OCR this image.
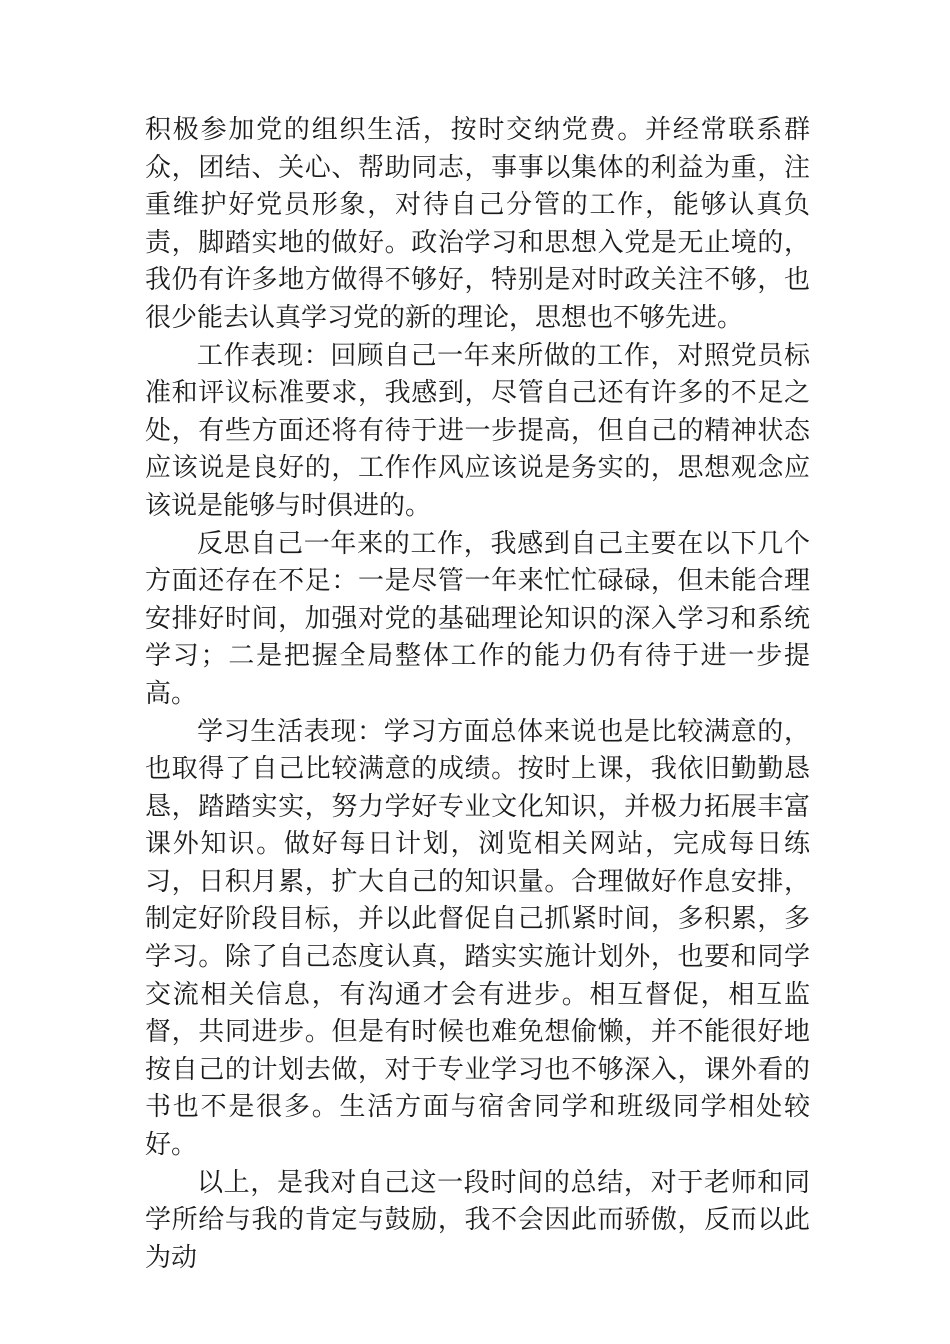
积极参加党的组织生活，按时交纳党费。并经常联系群众，团结、关心、帮助同志，事事以集体的利益为重，注重维护好党员形象，对待自己分管的工作，能够认真负责，脚踏实地的做好。政治学习和思想入党是无止境的，我仍有许多地方做得不够好，特别是对时政关注不够，也很少能去认真学习党的新的理论，思想也不够先进。

工作表现：回顾自己一年来所做的工作，对照党员标准和评议标准要求，我感到，尽管自己还有许多的不足之处，有些方面还将有待于进一步提高，但自己的精神状态应该说是良好的，工作作风应该说是务实的，思想观念应该说是能够与时俱进的。

反思自己一年来的工作，我感到自己主要在以下几个方面还存在不足：一是尽管一年来忙忙碌碌，但未能合理安排好时间，加强对党的基础理论知识的深入学习和系统学习；二是把握全局整体工作的能力仍有待于进一步提高。

学习生活表现：学习方面总体来说也是比较满意的，也取得了自己比较满意的成绩。按时上课，我依旧勤勤恳恳，踏踏实实，努力学好专业文化知识，并极力拓展丰富课外知识。做好每日计划，浏览相关网站，完成每日练习，日积月累，扩大自己的知识量。合理做好作息安排，制定好阶段目标，并以此督促自己抓紧时间，多积累，多学习。除了自己态度认真，踏实实施计划外，也要和同学交流相关信息，有沟通才会有进步。相互督促，相互监督，共同进步。但是有时候也难免想偷懒，并不能很好地按自己的计划去做，对于专业学习也不够深入，课外看的书也不是很多。生活方面与宿舍同学和班级同学相处较好。

以上，是我对自己这一段时间的总结，对于老师和同学所给与我的肯定与鼓励，我不会因此而骄傲，反而以此为动
